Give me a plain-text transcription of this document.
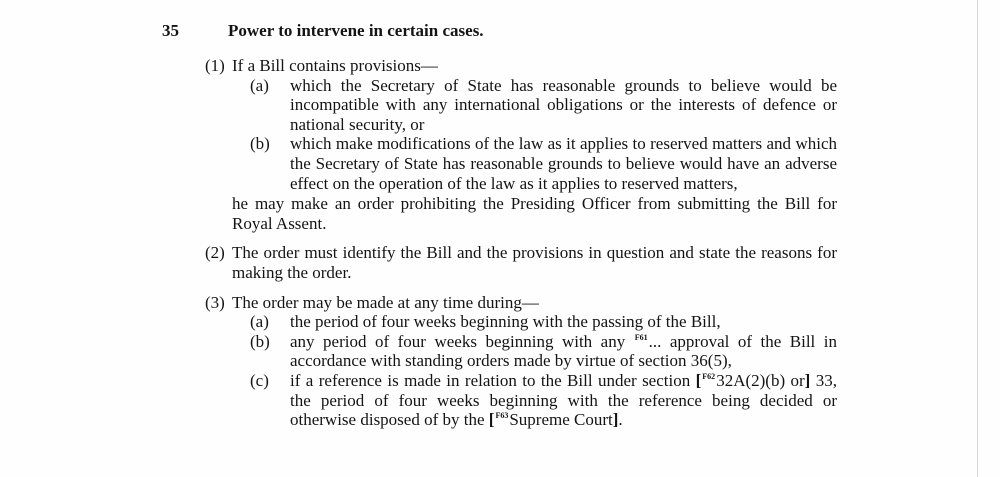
35	Power to intervene in certain cases.
(1) If a Bill contains provisions—
(a)	which the Secretary of State has reasonable grounds to believe would be incompatible with any international obligations or the interests of defence or national security, or
(b)	which make modifications of the law as it applies to reserved matters and which the Secretary of State has reasonable grounds to believe would have an adverse effect on the operation of the law as it applies to reserved matters,
he may make an order prohibiting the Presiding Officer from submitting the Bill for Royal Assent.
(2) The order must identify the Bill and the provisions in question and state the reasons for making the order.
(3) The order may be made at any time during—
(a)	the period of four weeks beginning with the passing of the Bill,
(b)	any period of four weeks beginning with any $^{F61}$... approval of the Bill in accordance with standing orders made by virtue of section 36(5),
(c)	if a reference is made in relation to the Bill under section [$^{F62}$32A(2)(b) or] 33, the period of four weeks beginning with the reference being decided or otherwise disposed of by the [$^{F63}$Supreme Court].
